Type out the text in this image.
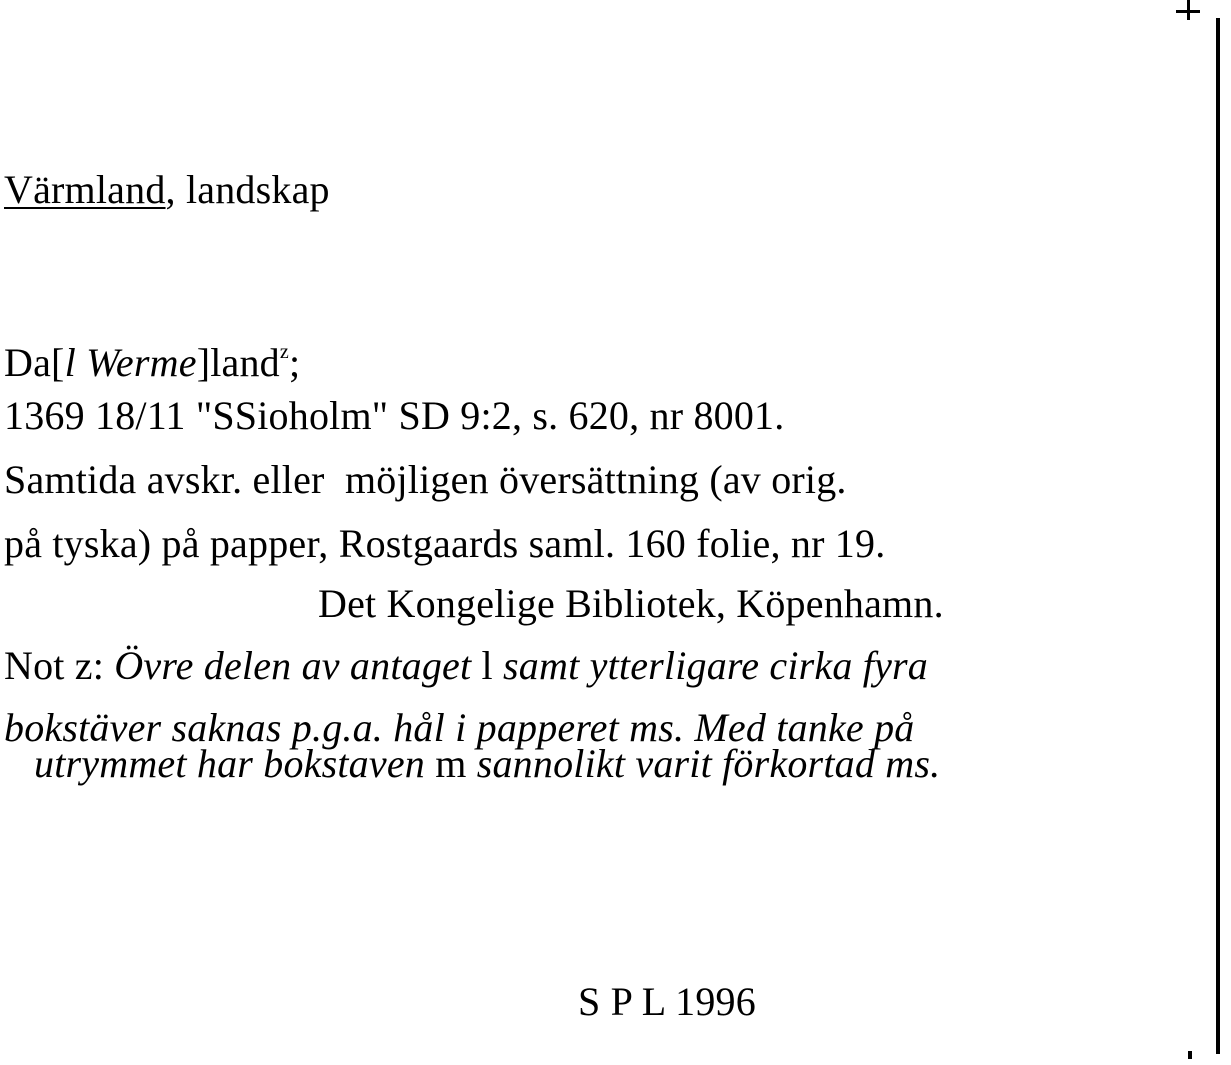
Värmland, landskap
Da[l Werme]land$^z$;
1369 18/11 "SSioholm" SD 9:2, s. 620, nr 8001.
Samtida avskr. eller  möjligen översättning (av orig.
på tyska) på papper, Rostgaards saml. 160 folie, nr 19.
Det Kongelige Bibliotek, Köpenhamn.
Not z: Övre delen av antaget l samt ytterligare cirka fyra
bokstäver saknas p.g.a. hål i papperet ms. Med tanke på
utrymmet har bokstaven m sannolikt varit förkortad ms.
S P L 1996
